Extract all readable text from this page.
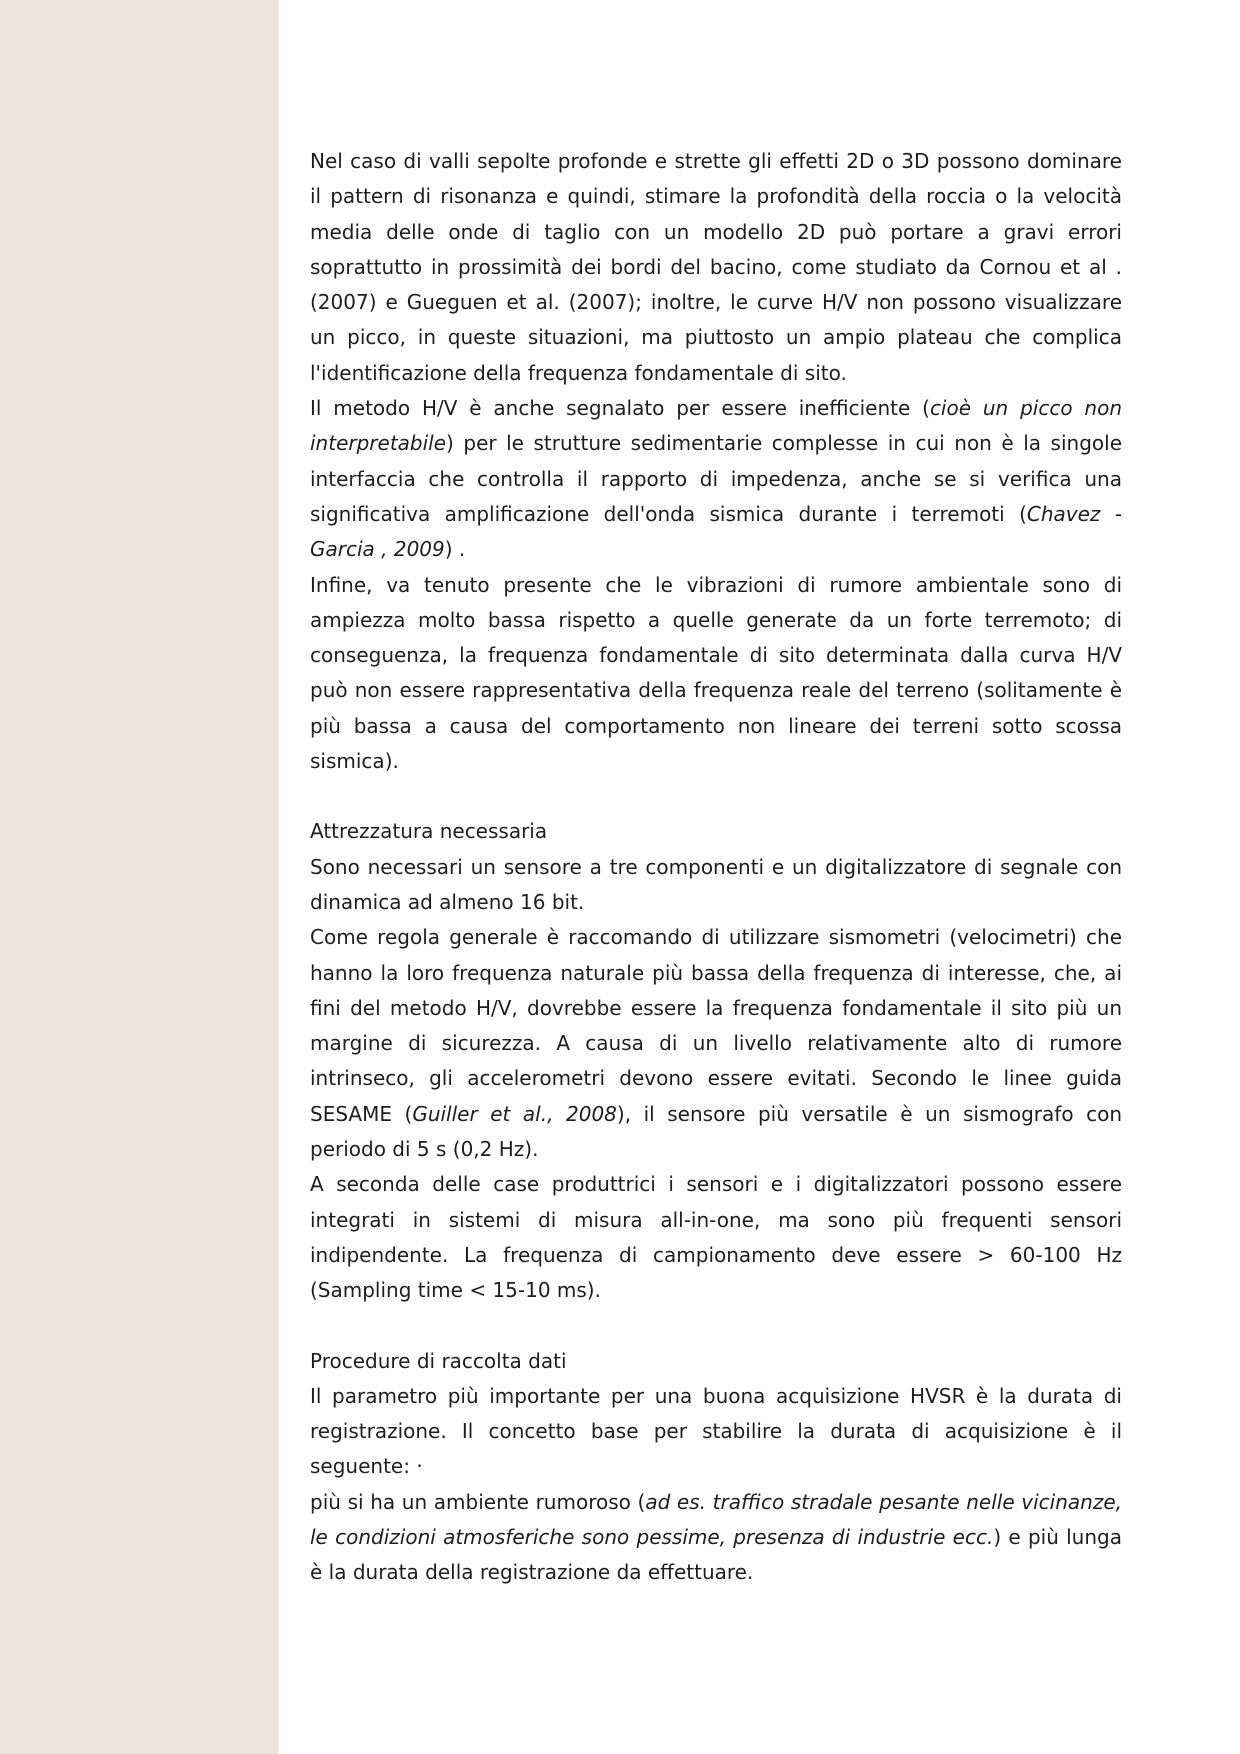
Nel caso di valli sepolte profonde e strette gli effetti 2D o 3D possono dominare il pattern di risonanza e quindi, stimare la profondità della roccia o la velocità media delle onde di taglio con un modello 2D può portare a gravi errori soprattutto in prossimità dei bordi del bacino, come studiato da Cornou et al . (2007) e Gueguen et al. (2007); inoltre, le curve H/V non possono visualizzare un picco, in queste situazioni, ma piuttosto un ampio plateau che complica l'identificazione della frequenza fondamentale di sito.

Il metodo H/V è anche segnalato per essere inefficiente (cioè un picco non interpretabile) per le strutture sedimentarie complesse in cui non è la singole interfaccia che controlla il rapporto di impedenza, anche se si verifica una significativa amplificazione dell'onda sismica durante i terremoti (Chavez - Garcia , 2009) .

Infine, va tenuto presente che le vibrazioni di rumore ambientale sono di ampiezza molto bassa rispetto a quelle generate da un forte terremoto; di conseguenza, la frequenza fondamentale di sito determinata dalla curva H/V può non essere rappresentativa della frequenza reale del terreno (solitamente è più bassa a causa del comportamento non lineare dei terreni sotto scossa sismica).

Attrezzatura necessaria

Sono necessari un sensore a tre componenti e un digitalizzatore di segnale con dinamica ad almeno 16 bit.

Come regola generale è raccomando di utilizzare sismometri (velocimetri) che hanno la loro frequenza naturale più bassa della frequenza di interesse, che, ai fini del metodo H/V, dovrebbe essere la frequenza fondamentale il sito più un margine di sicurezza. A causa di un livello relativamente alto di rumore intrinseco, gli accelerometri devono essere evitati. Secondo le linee guida SESAME (Guiller et al., 2008), il sensore più versatile è un sismografo con periodo di 5 s (0,2 Hz).

A seconda delle case produttrici i sensori e i digitalizzatori possono essere integrati in sistemi di misura all-in-one, ma sono più frequenti sensori indipendente. La frequenza di campionamento deve essere > 60-100 Hz (Sampling time < 15-10 ms).

Procedure di raccolta dati

Il parametro più importante per una buona acquisizione HVSR è la durata di registrazione. Il concetto base per stabilire la durata di acquisizione è il seguente: ·

più si ha un ambiente rumoroso (ad es. traffico stradale pesante nelle vicinanze, le condizioni atmosferiche sono pessime, presenza di industrie ecc.) e più lunga è la durata della registrazione da effettuare.
